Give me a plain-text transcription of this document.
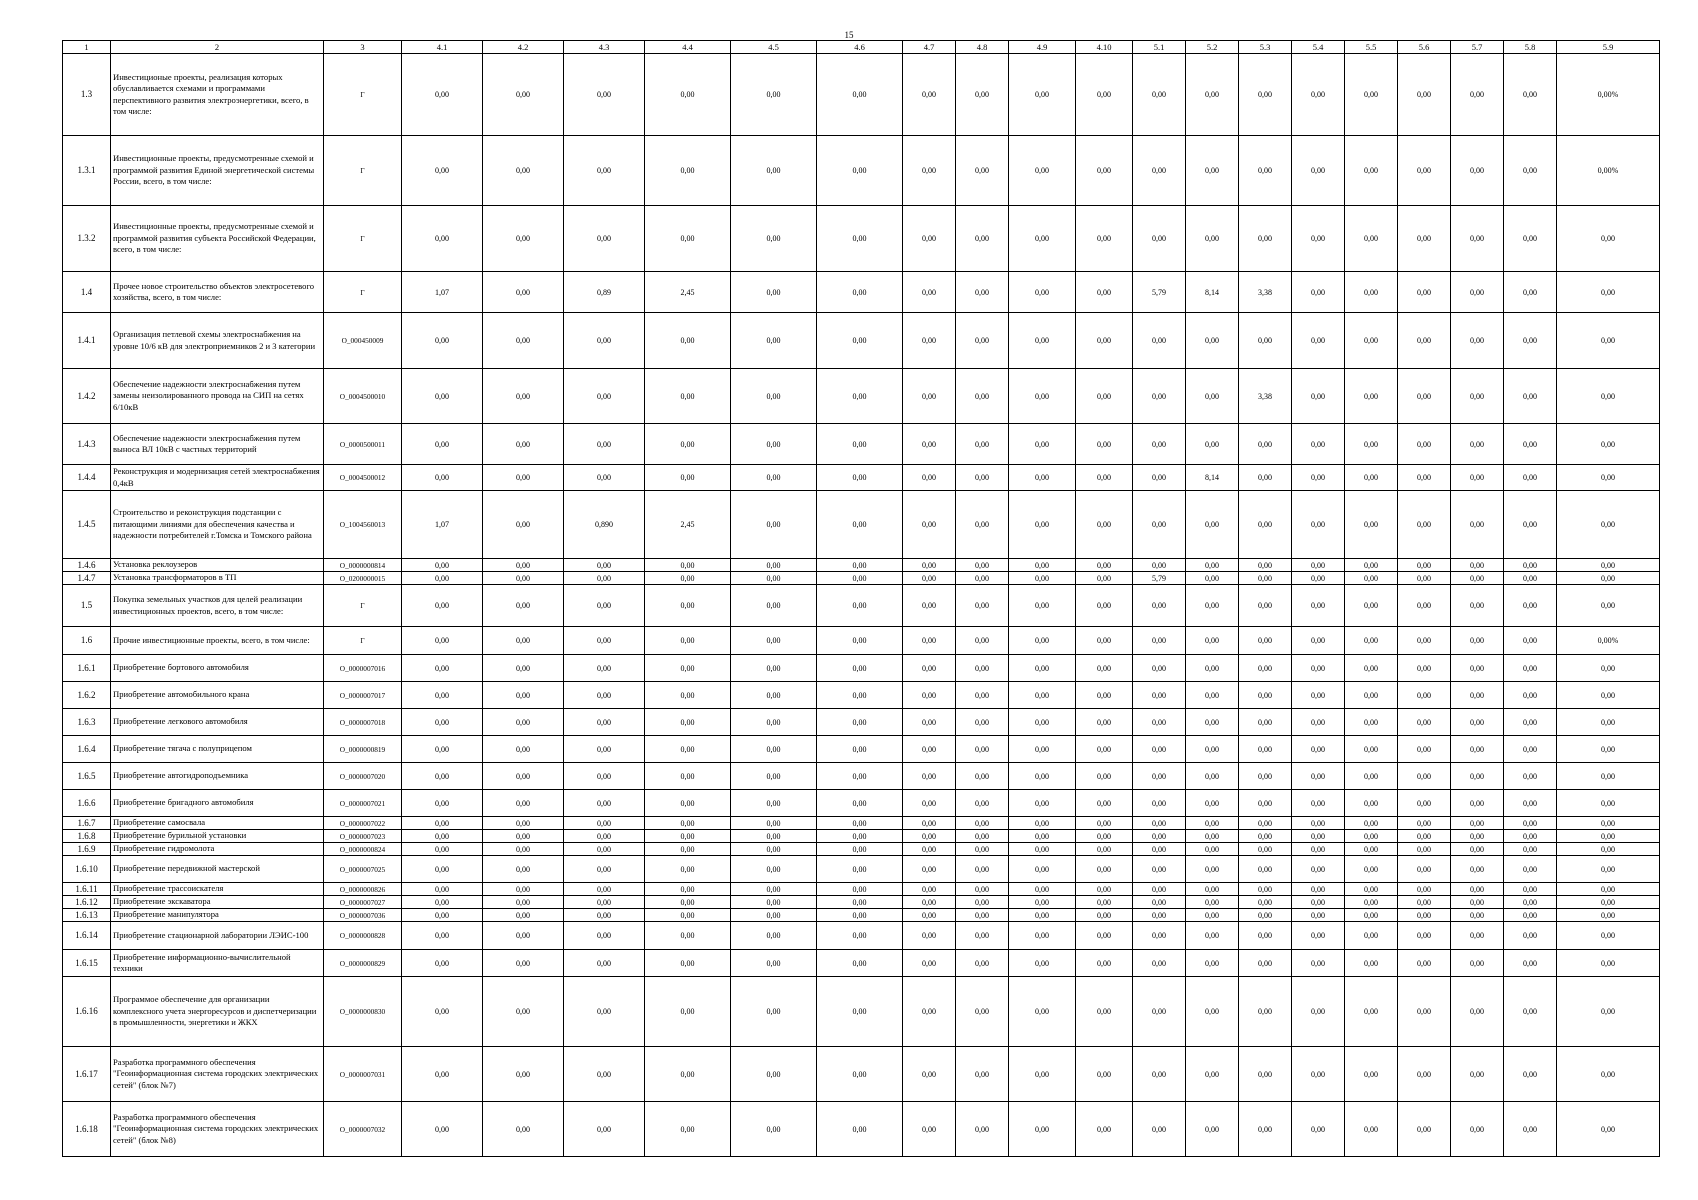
15
1	2	3	4.1	4.2	4.3	4.4	4.5	4.6	4.7	4.8	4.9	4.10	5.1	5.2	5.3	5.4	5.5	5.6	5.7	5.8	5.9
1.3	Инвестиционые проекты, реализация которых обуславливается схемами и программами перспективного развития электроэнергетики, всего, в том числе:	Г	0,00	0,00	0,00	0,00	0,00	0,00	0,00	0,00	0,00	0,00	0,00	0,00	0,00	0,00	0,00	0,00	0,00	0,00	0,00%
1.3.1	Инвестиционные проекты, предусмотренные схемой и программой развития Единой энергетической системы России, всего, в том числе:	Г	0,00	0,00	0,00	0,00	0,00	0,00	0,00	0,00	0,00	0,00	0,00	0,00	0,00	0,00	0,00	0,00	0,00	0,00	0,00%
1.3.2	Инвестиционные проекты, предусмотренные схемой и программой развития субъекта Российской Федерации, всего, в том числе:	Г	0,00	0,00	0,00	0,00	0,00	0,00	0,00	0,00	0,00	0,00	0,00	0,00	0,00	0,00	0,00	0,00	0,00	0,00	0,00
1.4	Прочее новое строительство объектов электросетевого хозяйства, всего, в том числе:	Г	1,07	0,00	0,89	2,45	0,00	0,00	0,00	0,00	0,00	0,00	5,79	8,14	3,38	0,00	0,00	0,00	0,00	0,00	0,00
1.4.1	Организация петлевой схемы электроснабжения на уровне 10/6 кВ для электроприемников 2 и 3 категории	O_000450009	0,00	0,00	0,00	0,00	0,00	0,00	0,00	0,00	0,00	0,00	0,00	0,00	0,00	0,00	0,00	0,00	0,00	0,00	0,00
1.4.2	Обеспечение надежности электроснабжения путем замены неизолированного провода на СИП на сетях 6/10кВ	O_0004500010	0,00	0,00	0,00	0,00	0,00	0,00	0,00	0,00	0,00	0,00	0,00	0,00	3,38	0,00	0,00	0,00	0,00	0,00	0,00
1.4.3	Обеспечение надежности электроснабжения путем выноса ВЛ 10кВ с частных территорий	O_0000500011	0,00	0,00	0,00	0,00	0,00	0,00	0,00	0,00	0,00	0,00	0,00	0,00	0,00	0,00	0,00	0,00	0,00	0,00	0,00
1.4.4	Реконструкция и модернизация сетей электроснабжения 0,4кВ	O_0004500012	0,00	0,00	0,00	0,00	0,00	0,00	0,00	0,00	0,00	0,00	0,00	8,14	0,00	0,00	0,00	0,00	0,00	0,00	0,00
1.4.5	Строительство и реконструкция подстанции с питающими линиями для обеспечения качества и надежности потребителей г.Томска и Томского района	O_1004560013	1,07	0,00	0,890	2,45	0,00	0,00	0,00	0,00	0,00	0,00	0,00	0,00	0,00	0,00	0,00	0,00	0,00	0,00	0,00
1.4.6	Установка реклоузеров	O_0000000814	0,00	0,00	0,00	0,00	0,00	0,00	0,00	0,00	0,00	0,00	0,00	0,00	0,00	0,00	0,00	0,00	0,00	0,00	0,00
1.4.7	Установка трансформаторов в ТП	O_0200000015	0,00	0,00	0,00	0,00	0,00	0,00	0,00	0,00	0,00	0,00	5,79	0,00	0,00	0,00	0,00	0,00	0,00	0,00	0,00
1.5	Покупка земельных участков для целей реализации инвестиционных проектов, всего, в том числе:	Г	0,00	0,00	0,00	0,00	0,00	0,00	0,00	0,00	0,00	0,00	0,00	0,00	0,00	0,00	0,00	0,00	0,00	0,00	0,00
1.6	Прочие инвестиционные проекты, всего, в том числе:	Г	0,00	0,00	0,00	0,00	0,00	0,00	0,00	0,00	0,00	0,00	0,00	0,00	0,00	0,00	0,00	0,00	0,00	0,00	0,00%
1.6.1	Приобретение бортового автомобиля	O_0000007016	0,00	0,00	0,00	0,00	0,00	0,00	0,00	0,00	0,00	0,00	0,00	0,00	0,00	0,00	0,00	0,00	0,00	0,00	0,00
1.6.2	Приобретение автомобильного крана	O_0000007017	0,00	0,00	0,00	0,00	0,00	0,00	0,00	0,00	0,00	0,00	0,00	0,00	0,00	0,00	0,00	0,00	0,00	0,00	0,00
1.6.3	Приобретение легкового автомобиля	O_0000007018	0,00	0,00	0,00	0,00	0,00	0,00	0,00	0,00	0,00	0,00	0,00	0,00	0,00	0,00	0,00	0,00	0,00	0,00	0,00
1.6.4	Приобретение тягача с полуприцепом	O_0000000819	0,00	0,00	0,00	0,00	0,00	0,00	0,00	0,00	0,00	0,00	0,00	0,00	0,00	0,00	0,00	0,00	0,00	0,00	0,00
1.6.5	Приобретение автогидроподъемника	O_0000007020	0,00	0,00	0,00	0,00	0,00	0,00	0,00	0,00	0,00	0,00	0,00	0,00	0,00	0,00	0,00	0,00	0,00	0,00	0,00
1.6.6	Приобретение бригадного автомобиля	O_0000007021	0,00	0,00	0,00	0,00	0,00	0,00	0,00	0,00	0,00	0,00	0,00	0,00	0,00	0,00	0,00	0,00	0,00	0,00	0,00
1.6.7	Приобретение самосвала	O_0000007022	0,00	0,00	0,00	0,00	0,00	0,00	0,00	0,00	0,00	0,00	0,00	0,00	0,00	0,00	0,00	0,00	0,00	0,00	0,00
1.6.8	Приобретение бурильной установки	O_0000007023	0,00	0,00	0,00	0,00	0,00	0,00	0,00	0,00	0,00	0,00	0,00	0,00	0,00	0,00	0,00	0,00	0,00	0,00	0,00
1.6.9	Приобретение гидромолота	O_0000000824	0,00	0,00	0,00	0,00	0,00	0,00	0,00	0,00	0,00	0,00	0,00	0,00	0,00	0,00	0,00	0,00	0,00	0,00	0,00
1.6.10	Приобретение передвижной мастерской	O_0000007025	0,00	0,00	0,00	0,00	0,00	0,00	0,00	0,00	0,00	0,00	0,00	0,00	0,00	0,00	0,00	0,00	0,00	0,00	0,00
1.6.11	Приобретение трассоискателя	O_0000000826	0,00	0,00	0,00	0,00	0,00	0,00	0,00	0,00	0,00	0,00	0,00	0,00	0,00	0,00	0,00	0,00	0,00	0,00	0,00
1.6.12	Приобретение экскаватора	O_0000007027	0,00	0,00	0,00	0,00	0,00	0,00	0,00	0,00	0,00	0,00	0,00	0,00	0,00	0,00	0,00	0,00	0,00	0,00	0,00
1.6.13	Приобретение манипулятора	O_0000007036	0,00	0,00	0,00	0,00	0,00	0,00	0,00	0,00	0,00	0,00	0,00	0,00	0,00	0,00	0,00	0,00	0,00	0,00	0,00
1.6.14	Приобретение стационарной лаборатории ЛЭИС-100	O_0000000828	0,00	0,00	0,00	0,00	0,00	0,00	0,00	0,00	0,00	0,00	0,00	0,00	0,00	0,00	0,00	0,00	0,00	0,00	0,00
1.6.15	Приобретение информационно-вычислительной техники	O_0000000829	0,00	0,00	0,00	0,00	0,00	0,00	0,00	0,00	0,00	0,00	0,00	0,00	0,00	0,00	0,00	0,00	0,00	0,00	0,00
1.6.16	Программое обеспечение для организации комплексного учета энергоресурсов и диспетчеризации в промышленности, энергетики и ЖКХ	O_0000000830	0,00	0,00	0,00	0,00	0,00	0,00	0,00	0,00	0,00	0,00	0,00	0,00	0,00	0,00	0,00	0,00	0,00	0,00	0,00
1.6.17	Разработка программного обеспечения "Геоинформационная система городских электрических сетей" (блок №7)	O_0000007031	0,00	0,00	0,00	0,00	0,00	0,00	0,00	0,00	0,00	0,00	0,00	0,00	0,00	0,00	0,00	0,00	0,00	0,00	0,00
1.6.18	Разработка программного обеспечения "Геоинформационная система городских электрических сетей" (блок №8)	O_0000007032	0,00	0,00	0,00	0,00	0,00	0,00	0,00	0,00	0,00	0,00	0,00	0,00	0,00	0,00	0,00	0,00	0,00	0,00	0,00
